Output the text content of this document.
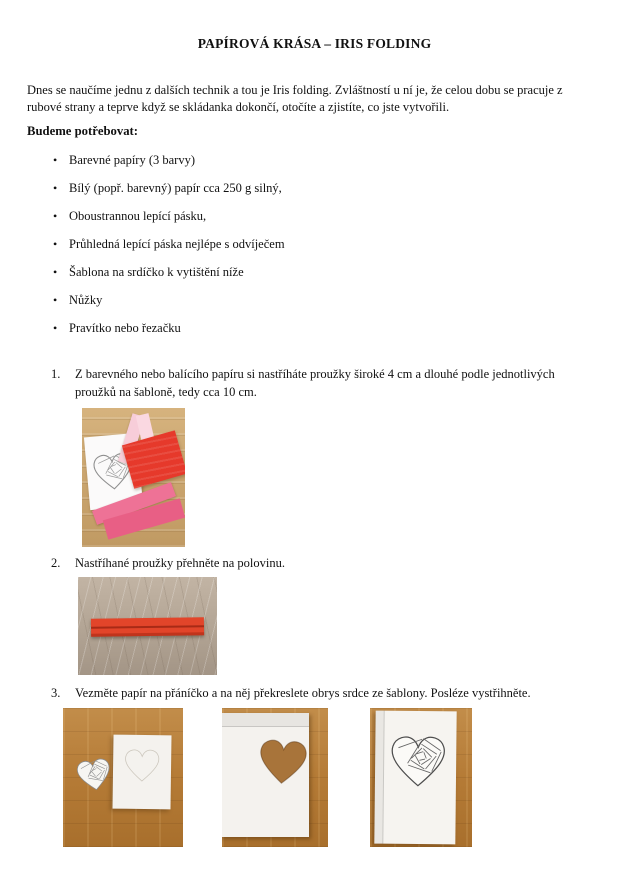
PAPÍROVÁ KRÁSA – IRIS FOLDING
Dnes se naučíme jednu z dalších technik a tou je Iris folding. Zvláštností u ní je, že celou dobu se pracuje z rubové strany a teprve když se skládanka dokončí, otočíte a zjistíte, co jste vytvořili.
Budeme potřebovat:
• Barevné papíry (3 barvy)
• Bílý (popř. barevný) papír cca 250 g silný,
• Oboustrannou lepící pásku,
• Průhledná lepící páska nejlépe s odvíječem
• Šablona na srdíčko k vytištění níže
• Nůžky
• Pravítko nebo řezačku
1. Z barevného nebo balícího papíru si nastříháte proužky široké 4 cm a dlouhé podle jednotlivých proužků na šabloně, tedy cca 10 cm.
2. Nastříhané proužky přehněte na polovinu.
3. Vezměte papír na přáníčko a na něj překreslete obrys srdce ze šablony. Posléze vystřihněte.
